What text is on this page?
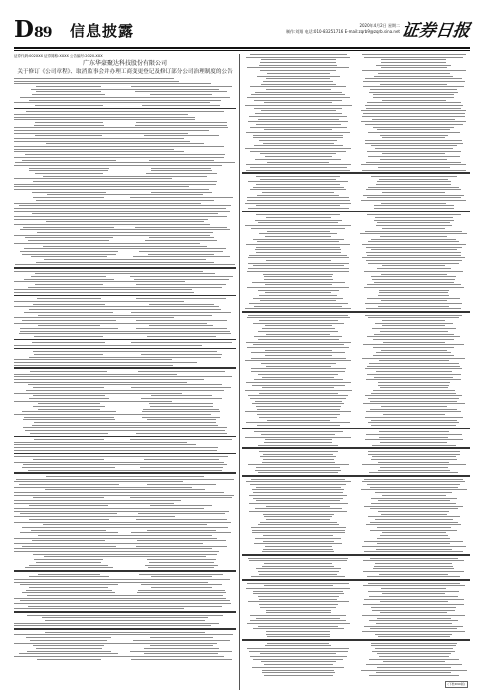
D89 信息披露	2020年4月2日 星期二
制作:刘翔 电话:010-83251716 E-mail:zqrb9@zqrb.sina.net 证券日报
证券代码:002XXX 证券简称:XXXX 公告编号:2020-XXX
广东华豪聚达科技股份有限公司
关于修订《公司章程》、取消监事会并办理工商变更登记及修订部分公司治理制度的公告
(下转D90版)
